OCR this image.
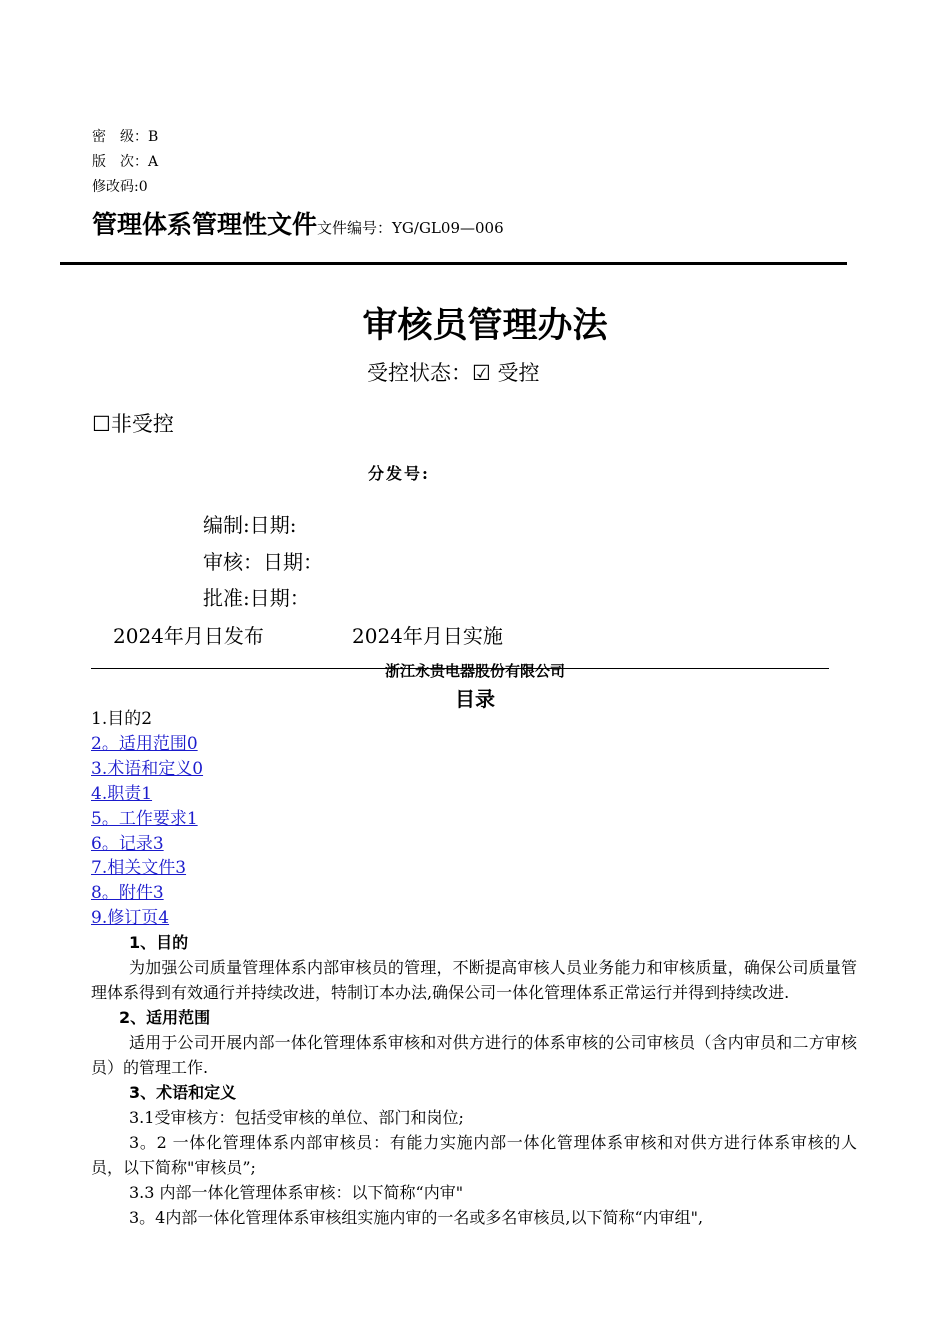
密　级：B
版　次：A
修改码:0
管理体系管理性文件文件编号：YG/GL09—006
审核员管理办法
受控状态：☑ 受控
☐非受控
分发号:
编制:日期:
审核：日期：
批准:日期：
2024年月日发布	2024年月日实施
浙江永贵电器股份有限公司
目录
1.目的2
2。适用范围0
3.术语和定义0
4.职责1
5。工作要求1
6。记录3
7.相关文件3
8。附件3
9.修订页4
1、目的
为加强公司质量管理体系内部审核员的管理，不断提高审核人员业务能力和审核质量，确保公司质量管理体系得到有效通行并持续改进，特制订本办法,确保公司一体化管理体系正常运行并得到持续改进.
2、适用范围
适用于公司开展内部一体化管理体系审核和对供方进行的体系审核的公司审核员（含内审员和二方审核员）的管理工作.
3、术语和定义
3.1受审核方：包括受审核的单位、部门和岗位;
3。2 一体化管理体系内部审核员：有能力实施内部一体化管理体系审核和对供方进行体系审核的人员，以下简称"审核员”;
3.3 内部一体化管理体系审核：以下简称“内审"
3。4内部一体化管理体系审核组实施内审的一名或多名审核员,以下简称“内审组",
